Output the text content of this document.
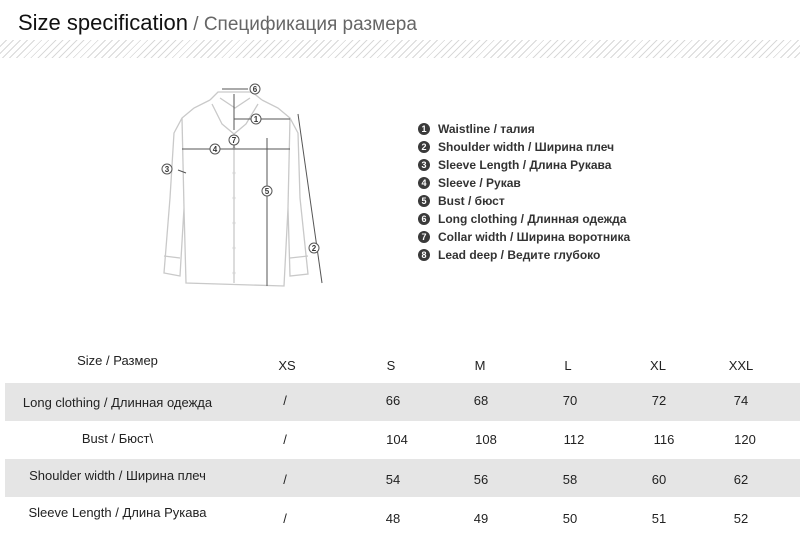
Size specification / Спецификация размера
6
1
7
4
3
5
2
1 Waistline / талия
2 Shoulder width / Ширина плеч
3 Sleeve Length / Длина Рукава
4 Sleeve / Рукав
5 Bust / бюст
6 Long clothing / Длинная одежда
7 Collar width / Ширина воротника
8 Lead deep / Ведите глубоко
Size / Размер	XS	S	M	L	XL	XXL
Long clothing / Длинная одежда	/	66	68	70	72	74
Bust / Бюст\	/	104	108	112	116	120
Shoulder width / Ширина плеч	/	54	56	58	60	62
Sleeve Length / Длина Рукава	/	48	49	50	51	52
